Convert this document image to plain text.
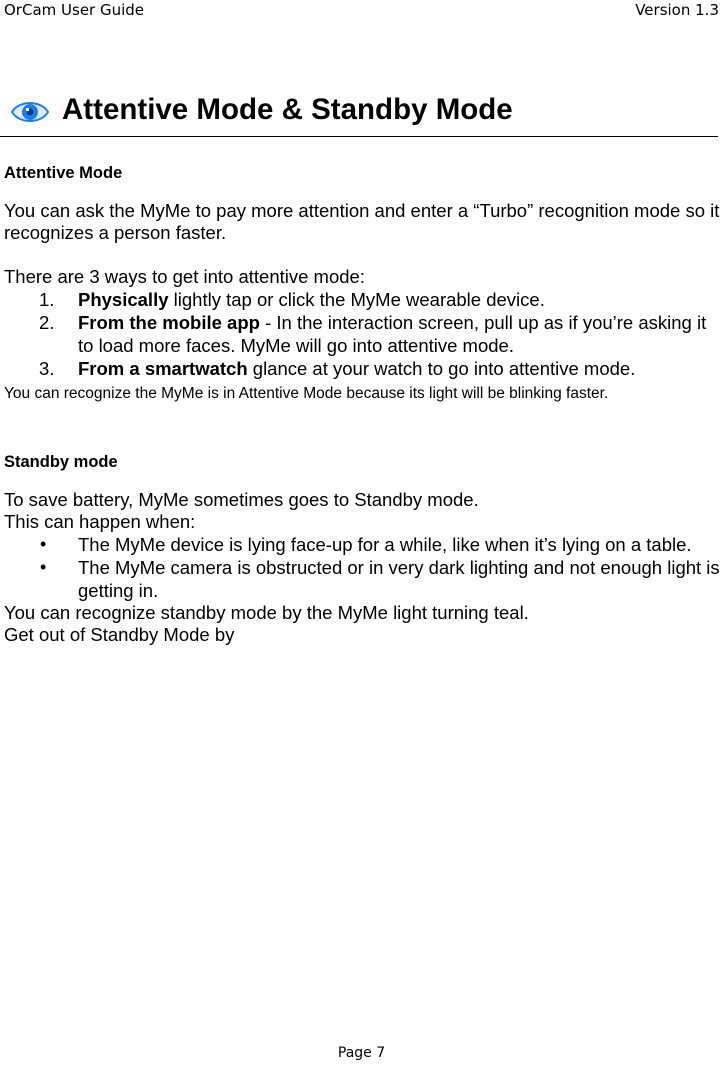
OrCam User Guide	Version 1.3
Attentive Mode & Standby Mode

Attentive Mode

You can ask the MyMe to pay more attention and enter a “Turbo” recognition mode so it recognizes a person faster.

There are 3 ways to get into attentive mode:

1. Physically lightly tap or click the MyMe wearable device.
2. From the mobile app - In the interaction screen, pull up as if you’re asking it to load more faces. MyMe will go into attentive mode.
3. From a smartwatch glance at your watch to go into attentive mode.

You can recognize the MyMe is in Attentive Mode because its light will be blinking faster.

Standby mode

To save battery, MyMe sometimes goes to Standby mode.

This can happen when:

• The MyMe device is lying face-up for a while, like when it’s lying on a table.
• The MyMe camera is obstructed or in very dark lighting and not enough light is getting in.

You can recognize standby mode by the MyMe light turning teal.

Get out of Standby Mode by

Page 7
